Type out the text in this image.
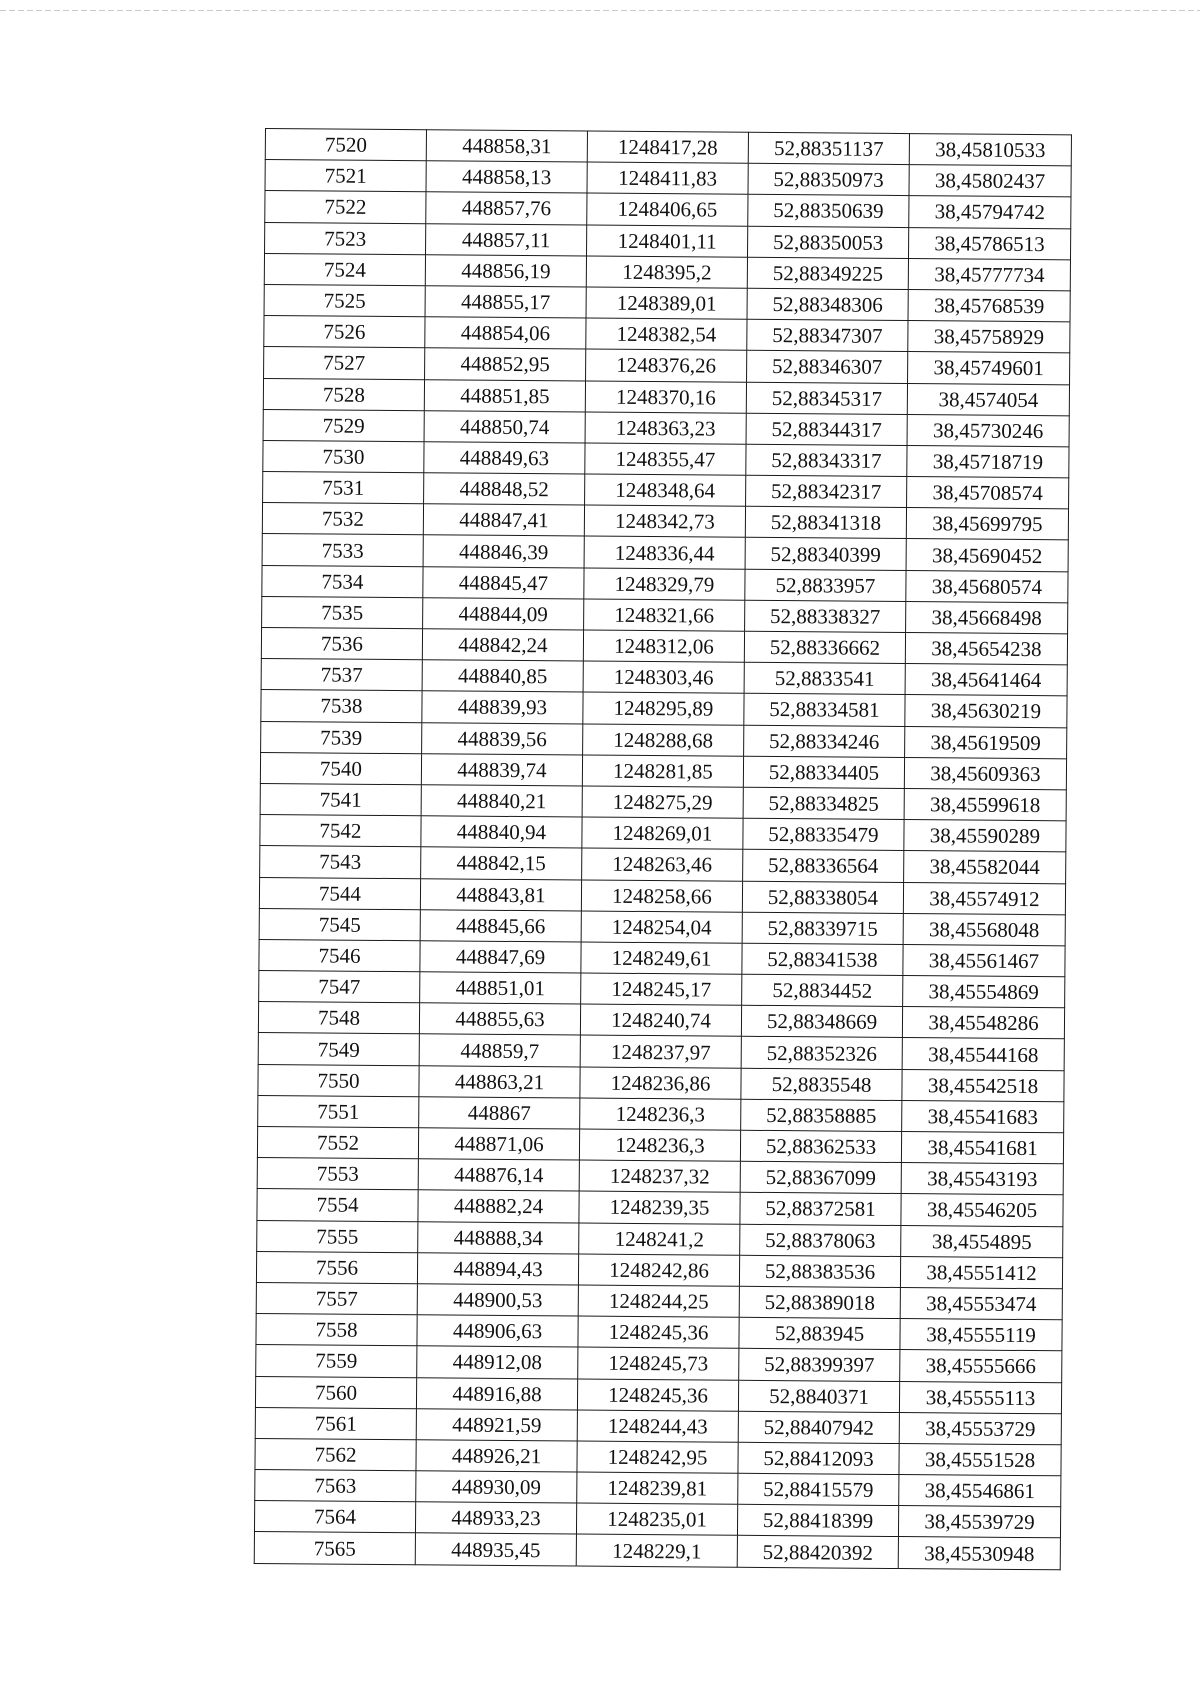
7520	448858,31	1248417,28	52,88351137	38,45810533
7521	448858,13	1248411,83	52,88350973	38,45802437
7522	448857,76	1248406,65	52,88350639	38,45794742
7523	448857,11	1248401,11	52,88350053	38,45786513
7524	448856,19	1248395,2	52,88349225	38,45777734
7525	448855,17	1248389,01	52,88348306	38,45768539
7526	448854,06	1248382,54	52,88347307	38,45758929
7527	448852,95	1248376,26	52,88346307	38,45749601
7528	448851,85	1248370,16	52,88345317	38,4574054
7529	448850,74	1248363,23	52,88344317	38,45730246
7530	448849,63	1248355,47	52,88343317	38,45718719
7531	448848,52	1248348,64	52,88342317	38,45708574
7532	448847,41	1248342,73	52,88341318	38,45699795
7533	448846,39	1248336,44	52,88340399	38,45690452
7534	448845,47	1248329,79	52,8833957	38,45680574
7535	448844,09	1248321,66	52,88338327	38,45668498
7536	448842,24	1248312,06	52,88336662	38,45654238
7537	448840,85	1248303,46	52,8833541	38,45641464
7538	448839,93	1248295,89	52,88334581	38,45630219
7539	448839,56	1248288,68	52,88334246	38,45619509
7540	448839,74	1248281,85	52,88334405	38,45609363
7541	448840,21	1248275,29	52,88334825	38,45599618
7542	448840,94	1248269,01	52,88335479	38,45590289
7543	448842,15	1248263,46	52,88336564	38,45582044
7544	448843,81	1248258,66	52,88338054	38,45574912
7545	448845,66	1248254,04	52,88339715	38,45568048
7546	448847,69	1248249,61	52,88341538	38,45561467
7547	448851,01	1248245,17	52,8834452	38,45554869
7548	448855,63	1248240,74	52,88348669	38,45548286
7549	448859,7	1248237,97	52,88352326	38,45544168
7550	448863,21	1248236,86	52,8835548	38,45542518
7551	448867	1248236,3	52,88358885	38,45541683
7552	448871,06	1248236,3	52,88362533	38,45541681
7553	448876,14	1248237,32	52,88367099	38,45543193
7554	448882,24	1248239,35	52,88372581	38,45546205
7555	448888,34	1248241,2	52,88378063	38,4554895
7556	448894,43	1248242,86	52,88383536	38,45551412
7557	448900,53	1248244,25	52,88389018	38,45553474
7558	448906,63	1248245,36	52,883945	38,45555119
7559	448912,08	1248245,73	52,88399397	38,45555666
7560	448916,88	1248245,36	52,8840371	38,45555113
7561	448921,59	1248244,43	52,88407942	38,45553729
7562	448926,21	1248242,95	52,88412093	38,45551528
7563	448930,09	1248239,81	52,88415579	38,45546861
7564	448933,23	1248235,01	52,88418399	38,45539729
7565	448935,45	1248229,1	52,88420392	38,45530948
